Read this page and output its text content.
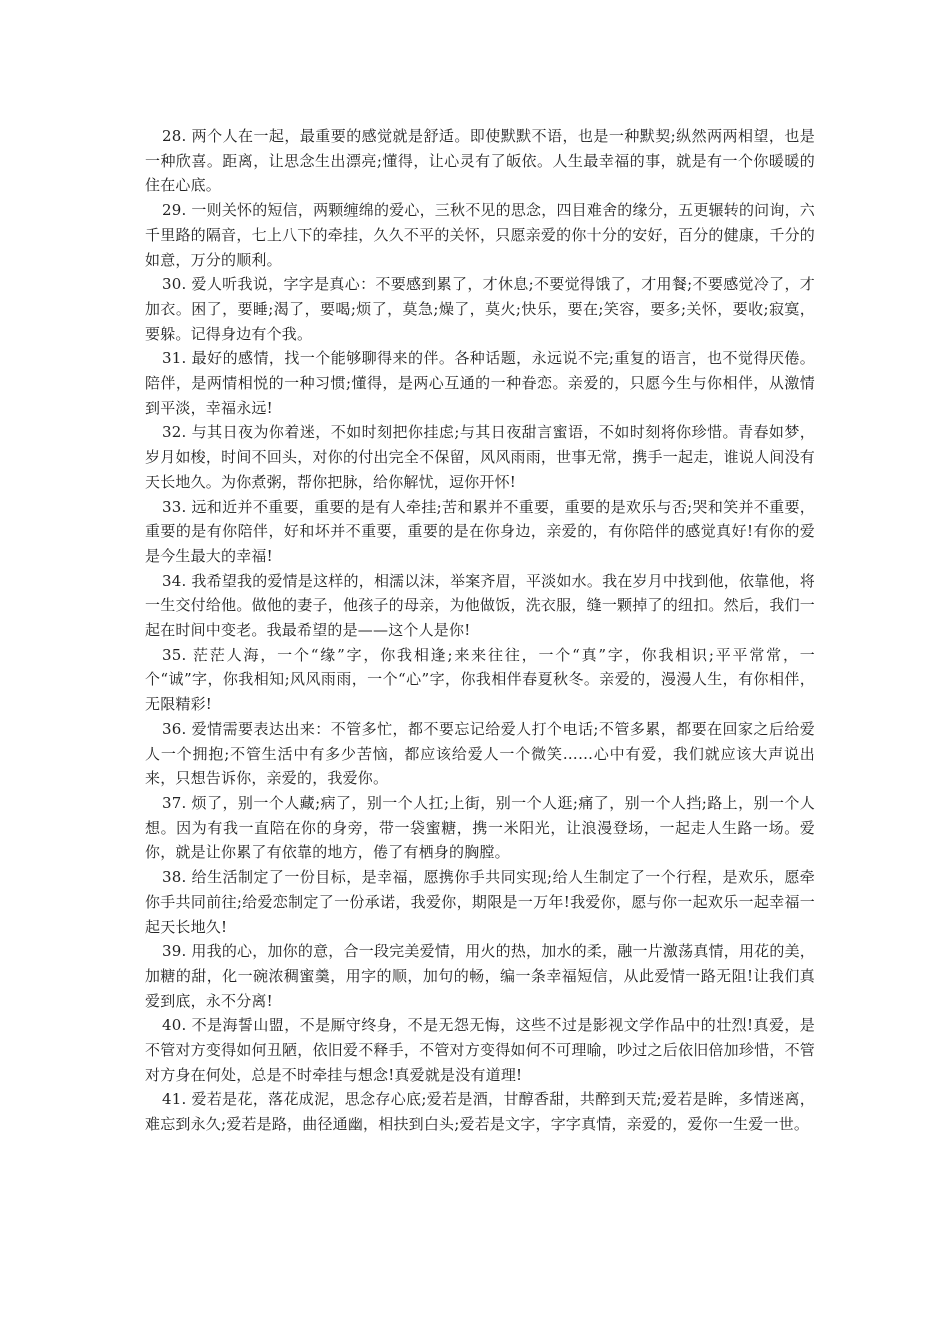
28. 两个人在一起，最重要的感觉就是舒适。即使默默不语，也是一种默契;纵然两两相望，也是一种欣喜。距离，让思念生出漂亮;懂得，让心灵有了皈依。人生最幸福的事，就是有一个你暖暖的住在心底。

29. 一则关怀的短信，两颗缠绵的爱心，三秋不见的思念，四目难舍的缘分，五更辗转的问询，六千里路的隔音，七上八下的牵挂，久久不平的关怀，只愿亲爱的你十分的安好，百分的健康，千分的如意，万分的顺利。

30. 爱人听我说，字字是真心：不要感到累了，才休息;不要觉得饿了，才用餐;不要感觉冷了，才加衣。困了，要睡;渴了，要喝;烦了，莫急;燥了，莫火;快乐，要在;笑容，要多;关怀，要收;寂寞，要躲。记得身边有个我。

31. 最好的感情，找一个能够聊得来的伴。各种话题，永远说不完;重复的语言，也不觉得厌倦。陪伴，是两情相悦的一种习惯;懂得，是两心互通的一种眷恋。亲爱的，只愿今生与你相伴，从激情到平淡，幸福永远!

32. 与其日夜为你着迷，不如时刻把你挂虑;与其日夜甜言蜜语，不如时刻将你珍惜。青春如梦，岁月如梭，时间不回头，对你的付出完全不保留，风风雨雨，世事无常，携手一起走，谁说人间没有天长地久。为你煮粥，帮你把脉，给你解忧，逗你开怀!

33. 远和近并不重要，重要的是有人牵挂;苦和累并不重要，重要的是欢乐与否;哭和笑并不重要，重要的是有你陪伴，好和坏并不重要，重要的是在你身边，亲爱的，有你陪伴的感觉真好!有你的爱是今生最大的幸福!

34. 我希望我的爱情是这样的，相濡以沫，举案齐眉，平淡如水。我在岁月中找到他，依靠他，将一生交付给他。做他的妻子，他孩子的母亲，为他做饭，洗衣服，缝一颗掉了的纽扣。然后，我们一起在时间中变老。我最希望的是——这个人是你!

35. 茫茫人海，一个“缘”字，你我相逢;来来往往，一个“真”字，你我相识;平平常常，一个“诚”字，你我相知;风风雨雨，一个“心”字，你我相伴春夏秋冬。亲爱的，漫漫人生，有你相伴，无限精彩!

36. 爱情需要表达出来：不管多忙，都不要忘记给爱人打个电话;不管多累，都要在回家之后给爱人一个拥抱;不管生活中有多少苦恼，都应该给爱人一个微笑……心中有爱，我们就应该大声说出来，只想告诉你，亲爱的，我爱你。

37. 烦了，别一个人藏;病了，别一个人扛;上街，别一个人逛;痛了，别一个人挡;路上，别一个人想。因为有我一直陪在你的身旁，带一袋蜜糖，携一米阳光，让浪漫登场，一起走人生路一场。爱你，就是让你累了有依靠的地方，倦了有栖身的胸膛。

38. 给生活制定了一份目标，是幸福，愿携你手共同实现;给人生制定了一个行程，是欢乐，愿牵你手共同前往;给爱恋制定了一份承诺，我爱你，期限是一万年!我爱你，愿与你一起欢乐一起幸福一起天长地久!

39. 用我的心，加你的意，合一段完美爱情，用火的热，加水的柔，融一片激荡真情，用花的美，加糖的甜，化一碗浓稠蜜羹，用字的顺，加句的畅，编一条幸福短信，从此爱情一路无阻!让我们真爱到底，永不分离!

40. 不是海誓山盟，不是厮守终身，不是无怨无悔，这些不过是影视文学作品中的壮烈!真爱，是不管对方变得如何丑陋，依旧爱不释手，不管对方变得如何不可理喻，吵过之后依旧倍加珍惜，不管对方身在何处，总是不时牵挂与想念!真爱就是没有道理!

41. 爱若是花，落花成泥，思念存心底;爱若是酒，甘醇香甜，共醉到天荒;爱若是眸，多情迷离，难忘到永久;爱若是路，曲径通幽，相扶到白头;爱若是文字，字字真情，亲爱的，爱你一生爱一世。
